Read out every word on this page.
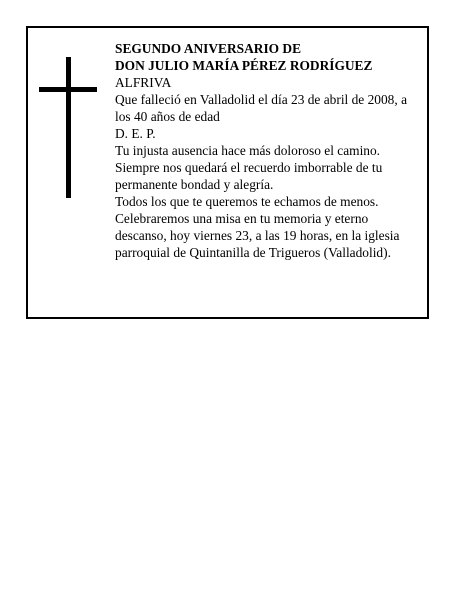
SEGUNDO ANIVERSARIO DE
DON JULIO MARÍA PÉREZ RODRÍGUEZ
ALFRIVA
Que falleció en Valladolid el día 23 de abril de 2008, a los 40 años de edad
D. E. P.
Tu injusta ausencia hace más doloroso el camino.
Siempre nos quedará el recuerdo imborrable de tu permanente bondad y alegría.
Todos los que te queremos te echamos de menos.
Celebraremos una misa en tu memoria y eterno descanso, hoy viernes 23, a las 19 horas, en la iglesia parroquial de Quintanilla de Trigueros (Valladolid).
